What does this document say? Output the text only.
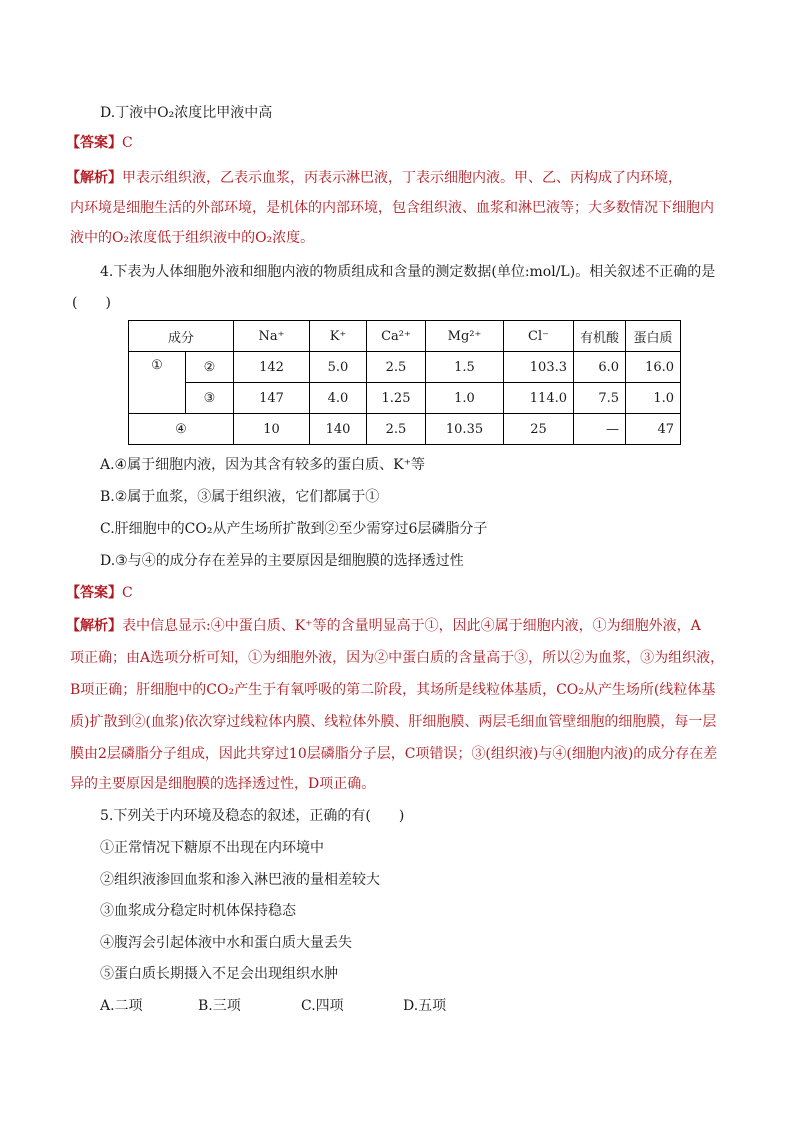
D.丁液中O₂浓度比甲液中高
【答案】C
【解析】甲表示组织液，乙表示血浆，丙表示淋巴液，丁表示细胞内液。甲、乙、丙构成了内环境，
内环境是细胞生活的外部环境，是机体的内部环境，包含组织液、血浆和淋巴液等；大多数情况下细胞内
液中的O₂浓度低于组织液中的O₂浓度。
4.下表为人体细胞外液和细胞内液的物质组成和含量的测定数据(单位:mol/L)。相关叙述不正确的是
(　　)
成分		Na⁺	K⁺	Ca²⁺	Mg²⁺	Cl⁻	有机酸	蛋白质
①	②	142	5.0	2.5	1.5	103.3	6.0	16.0
	③	147	4.0	1.25	1.0	114.0	7.5	1.0
④		10	140	2.5	10.35	25	—	47
A.④属于细胞内液，因为其含有较多的蛋白质、K⁺等
B.②属于血浆，③属于组织液，它们都属于①
C.肝细胞中的CO₂从产生场所扩散到②至少需穿过6层磷脂分子
D.③与④的成分存在差异的主要原因是细胞膜的选择透过性
【答案】C
【解析】表中信息显示:④中蛋白质、K⁺等的含量明显高于①，因此④属于细胞内液，①为细胞外液，A
项正确；由A选项分析可知，①为细胞外液，因为②中蛋白质的含量高于③，所以②为血浆，③为组织液，
B项正确；肝细胞中的CO₂产生于有氧呼吸的第二阶段，其场所是线粒体基质，CO₂从产生场所(线粒体基
质)扩散到②(血浆)依次穿过线粒体内膜、线粒体外膜、肝细胞膜、两层毛细血管壁细胞的细胞膜，每一层
膜由2层磷脂分子组成，因此共穿过10层磷脂分子层，C项错误；③(组织液)与④(细胞内液)的成分存在差
异的主要原因是细胞膜的选择透过性，D项正确。
5.下列关于内环境及稳态的叙述，正确的有(　　)
①正常情况下糖原不出现在内环境中
②组织液渗回血浆和渗入淋巴液的量相差较大
③血浆成分稳定时机体保持稳态
④腹泻会引起体液中水和蛋白质大量丢失
⑤蛋白质长期摄入不足会出现组织水肿
A.二项	B.三项	C.四项	D.五项
